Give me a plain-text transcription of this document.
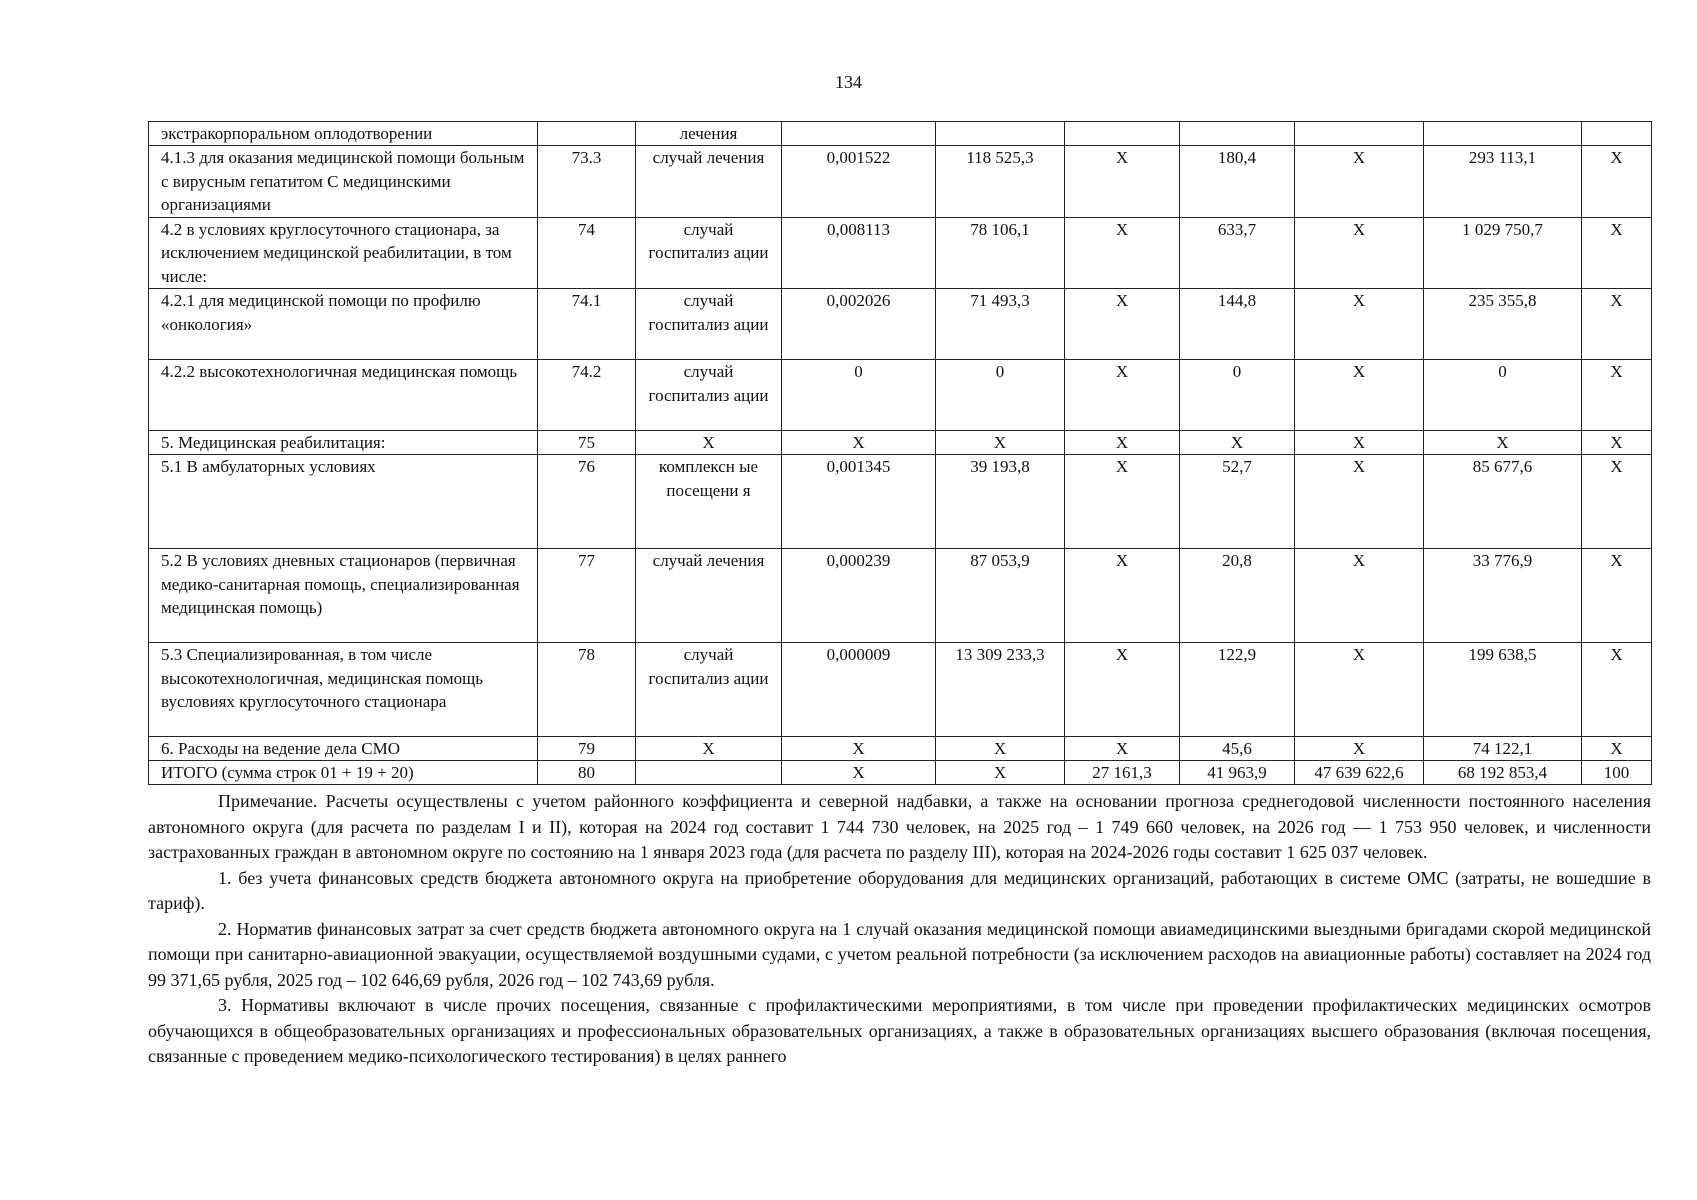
134
экстракорпоральном оплодотворении		лечения							
4.1.3 для оказания медицинской помощи больным с вирусным гепатитом С медицинскими организациями	73.3	случай лечения	0,001522	118 525,3	X	180,4	X	293 113,1	X
4.2 в условиях круглосуточного стационара, за исключением медицинской реабилитации, в том числе:	74	случай госпитализ ации	0,008113	78 106,1	X	633,7	X	1 029 750,7	X
4.2.1 для медицинской помощи по профилю «онкология»	74.1	случай госпитализ ации	0,002026	71 493,3	X	144,8	X	235 355,8	X
4.2.2 высокотехнологичная медицинская помощь	74.2	случай госпитализ ации	0	0	X	0	X	0	X
5. Медицинская реабилитация:	75	X	X	X	X	X	X	X	X
5.1 В амбулаторных условиях	76	комплексн ые посещени я	0,001345	39 193,8	X	52,7	X	85 677,6	X
5.2 В условиях дневных стационаров (первичная медико-санитарная помощь, специализированная медицинская помощь)	77	случай лечения	0,000239	87 053,9	X	20,8	X	33 776,9	X
5.3 Специализированная, в том числе высокотехнологичная, медицинская помощь вусловиях круглосуточного стационара	78	случай госпитализ ации	0,000009	13 309 233,3	X	122,9	X	199 638,5	X
6. Расходы на ведение дела СМО	79	X	X	X	X	45,6	X	74 122,1	X
ИТОГО (сумма строк 01 + 19 + 20)	80		X	X	27 161,3	41 963,9	47 639 622,6	68 192 853,4	100

Примечание. Расчеты осуществлены с учетом районного коэффициента и северной надбавки, а также на основании прогноза среднегодовой численности постоянного населения автономного округа (для расчета по разделам I и II), которая на 2024 год составит 1 744 730 человек, на 2025 год – 1 749 660 человек, на 2026 год — 1 753 950 человек, и численности застрахованных граждан в автономном округе по состоянию на 1 января 2023 года (для расчета по разделу III), которая на 2024-2026 годы составит 1 625 037 человек.

1. без учета финансовых средств бюджета автономного округа на приобретение оборудования для медицинских организаций, работающих в системе ОМС (затраты, не вошедшие в тариф).

2. Норматив финансовых затрат за счет средств бюджета автономного округа на 1 случай оказания медицинской помощи авиамедицинскими выездными бригадами скорой медицинской помощи при санитарно-авиационной эвакуации, осуществляемой воздушными судами, с учетом реальной потребности (за исключением расходов на авиационные работы) составляет на 2024 год 99 371,65 рубля, 2025 год – 102 646,69 рубля, 2026 год – 102 743,69 рубля.

3. Нормативы включают в числе прочих посещения, связанные с профилактическими мероприятиями, в том числе при проведении профилактических медицинских осмотров обучающихся в общеобразовательных организациях и профессиональных образовательных организациях, а также в образовательных организациях высшего образования (включая посещения, связанные с проведением медико-психологического тестирования) в целях раннего
